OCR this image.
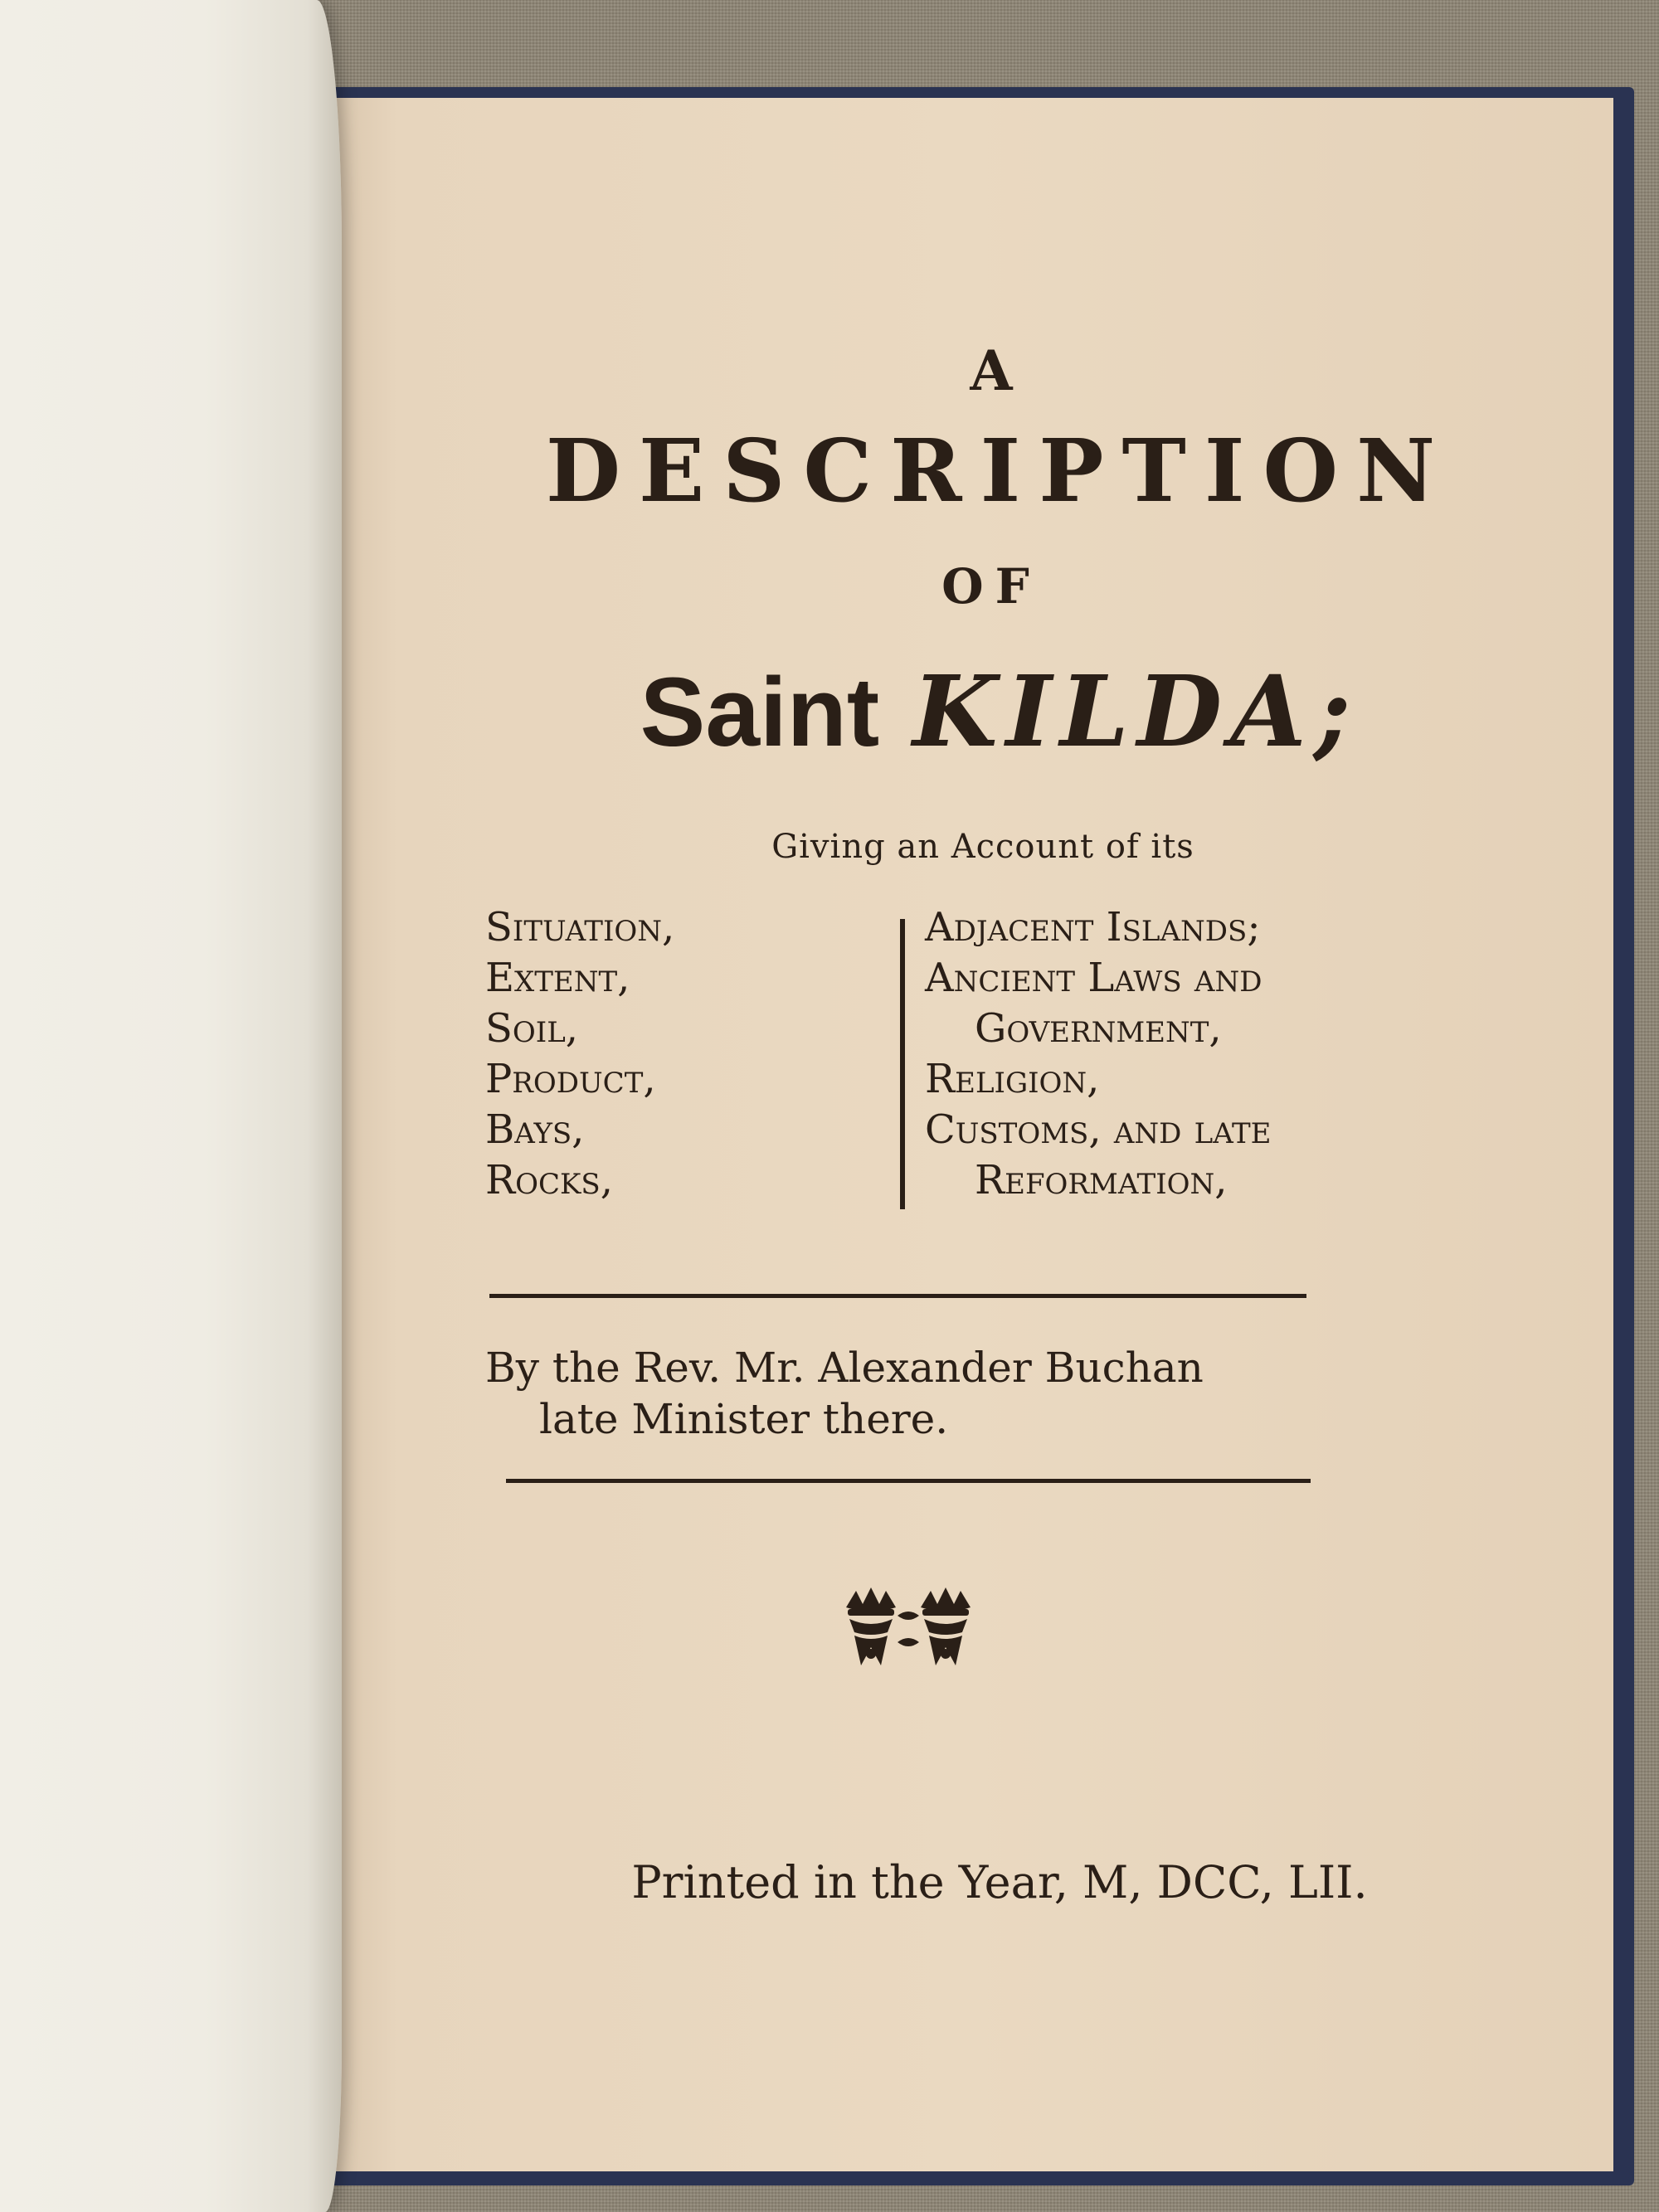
A
DESCRIPTION
OF
Saint KILDA;
Giving an Account of its
Situation,
Extent,
Soil,
Product,
Bays,
Rocks,
Adjacent Islands;
Ancient Laws and
Government,
Religion,
Customs, and late
Reformation,
By the Rev. Mr. Alexander Buchan
late Minister there.
Printed in the Year, M, DCC, LII.
